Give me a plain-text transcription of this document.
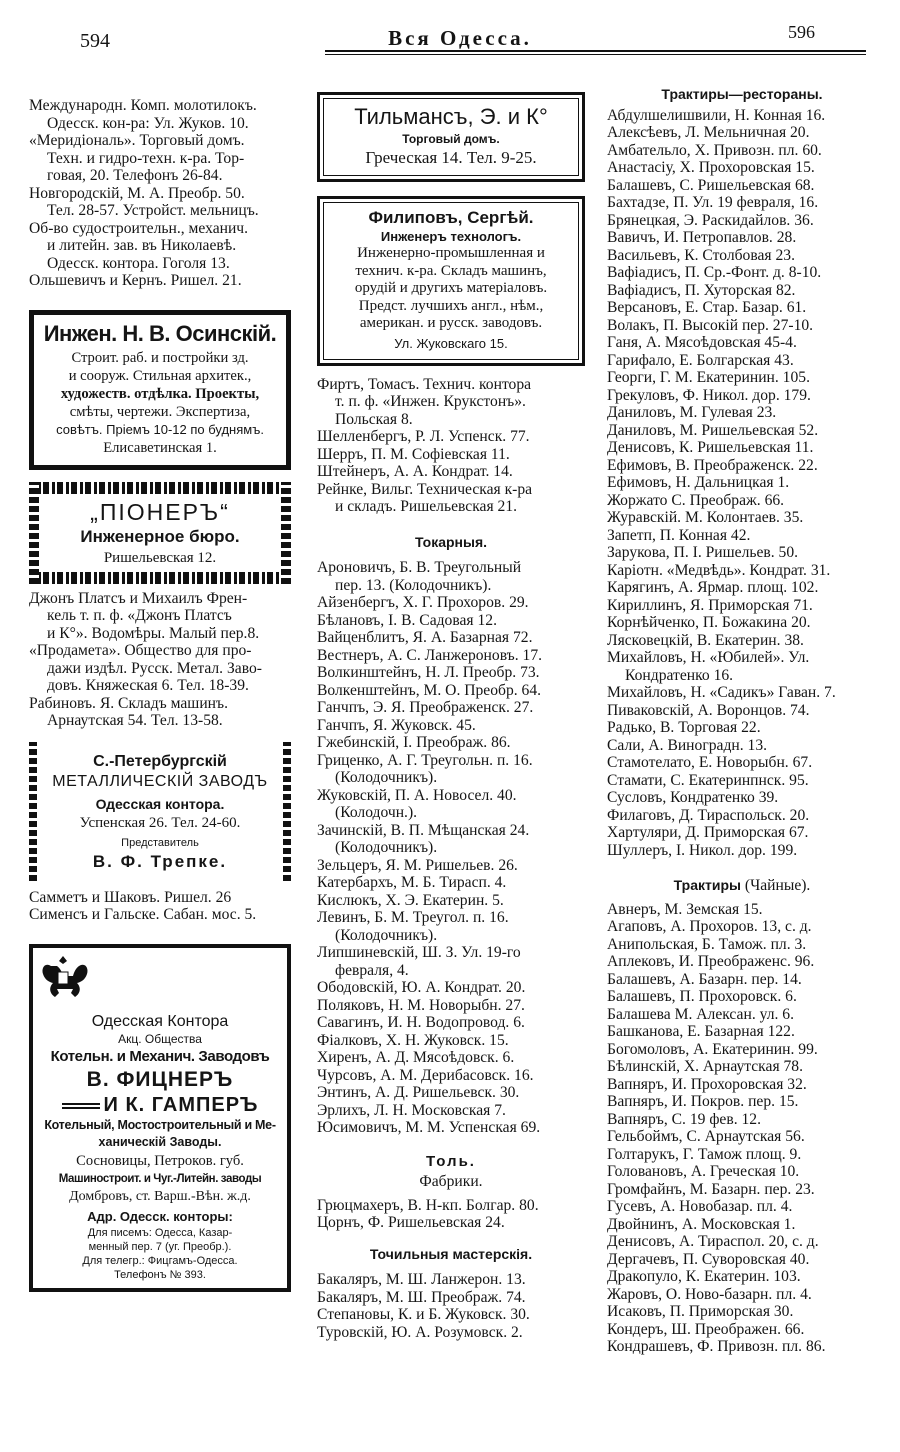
594	Вся Одесса.	596
Международн. Комп. молотилокъ.
Одесск. кон-ра: Ул. Жуков. 10.
«Меридіональ». Торговый домъ.
Техн. и гидро-техн. к-ра. Тор-
говая, 20. Телефонъ 26-84.
Новгородскій, М. А. Преобр. 50.
Тел. 28-57. Устройст. мельницъ.
Об-во судостроительн., механич.
и литейн. зав. въ Николаевѣ.
Одесск. контора. Гоголя 13.
Ольшевичъ и Кернъ. Ришел. 21.
Инжен. Н. В. Осинскій.
Строит. раб. и постройки зд.
и сооруж. Стильная архитек.,
художеств. отдѣлка. Проекты,
смѣты, чертежи. Экспертиза,
совѣтъ. Пріемъ 10-12 по буднямъ.
Елисаветинская 1.
„ПІОНЕРЪ“
Инженерное бюро.
Ришельевская 12.
Джонъ Платсъ и Михаилъ Френ-
кель т. п. ф. «Джонъ Платсъ
и К°». Водомѣры. Малый пер.8.
«Продамета». Общество для про-
дажи издѣл. Русск. Метал. Заво-
довъ. Княжеская 6. Тел. 18-39.
Рабиновъ. Я. Складъ машинъ.
Арнаутская 54. Тел. 13-58.
С.-Петербургскій
МЕТАЛЛИЧЕСКІЙ ЗАВОДЪ
Одесская контора.
Успенская 26. Тел. 24-60.
Представитель
В. Ф. Трепке.
Самметъ и Шаковъ. Ришел. 26
Сименсъ и Гальске. Сабан. мос. 5.
Одесская Контора
Акц. Общества
Котельн. и Механич. Заводовъ
В. ФИЦНЕРЪ
И К. ГАМПЕРЪ
Котельный, Мостостроительный и Ме-
ханическій Заводы.
Сосновицы, Петроков. губ.
Машиностроит. и Чуг.-Литейн. заводы
Домбровъ, ст. Варш.-Вѣн. ж.д.
Адр. Одесск. конторы:
Для писемъ: Одесса, Казар-
менный пер. 7 (уг. Преобр.).
Для телегр.: Фицгамъ-Одесса.
Телефонъ № 393.
Тильмансъ, Э. и К°
Торговый домъ.
Греческая 14. Тел. 9-25.
Филиповъ, Сергѣй.
Инженеръ технологъ.
Инженерно-промышленная и
технич. к-ра. Складъ машинъ,
орудій и другихъ матеріаловъ.
Предст. лучшихъ англ., нѣм.,
американ. и русск. заводовъ.
Ул. Жуковскаго 15.
Фиртъ, Томасъ. Технич. контора
т. п. ф. «Инжен. Крукстонъ».
Польская 8.
Шелленбергъ, Р. Л. Успенск. 77.
Шерръ, П. М. Софіевская 11.
Штейнеръ, А. А. Кондрат. 14.
Рейнке, Вильг. Техническая к-ра
и складъ. Ришельевская 21.
Токарныя.
Ароновичъ, Б. В. Треугольный
пер. 13. (Колодочникъ).
Айзенбергъ, Х. Г. Прохоров. 29.
Бѣлановъ, І. В. Садовая 12.
Вайценблитъ, Я. А. Базарная 72.
Вестнеръ, А. С. Ланжероновъ. 17.
Волкинштейнъ, Н. Л. Преобр. 73.
Волкенштейнъ, М. О. Преобр. 64.
Ганчпъ, Э. Я. Преображенск. 27.
Ганчпъ, Я. Жуковск. 45.
Гжебинскій, І. Преображ. 86.
Гриценко, А. Г. Треугольн. п. 16.
(Колодочникъ).
Жуковскій, П. А. Новосел. 40.
(Колодочн.).
Зачинскій, В. П. Мѣщанская 24.
(Колодочникъ).
Зельцеръ, Я. М. Ришельев. 26.
Катербархъ, М. Б. Тирасп. 4.
Кислюкъ, Х. Э. Екатерин. 5.
Левинъ, Б. М. Треугол. п. 16.
(Колодочникъ).
Липшиневскій, Ш. З. Ул. 19-го
февраля, 4.
Ободовскій, Ю. А. Кондрат. 20.
Поляковъ, Н. М. Новорыбн. 27.
Савагинъ, И. Н. Водопровод. 6.
Фіалковъ, Х. Н. Жуковск. 15.
Хиренъ, А. Д. Мясоѣдовск. 6.
Чурсовъ, А. М. Дерибасовск. 16.
Энтинъ, А. Д. Ришельевск. 30.
Эрлихъ, Л. Н. Московская 7.
Юсимовичъ, М. М. Успенская 69.
Толь.
Фабрики.
Грюцмахеръ, В. Н-кп. Болгар. 80.
Цорнъ, Ф. Ришельевская 24.
Точильныя мастерскія.
Бакаляръ, М. Ш. Ланжерон. 13.
Бакаляръ, М. Ш. Преображ. 74.
Степановы, К. и Б. Жуковск. 30.
Туровскій, Ю. А. Розумовск. 2.
Трактиры—рестораны.
Абдулшелишвили, Н. Конная 16.
Алексѣевъ, Л. Мельничная 20.
Амбательло, Х. Привозн. пл. 60.
Анастасіу, Х. Прохоровская 15.
Балашевъ, С. Ришельевская 68.
Бахтадзе, П. Ул. 19 февраля, 16.
Брянецкая, Э. Раскидайлов. 36.
Вавичъ, И. Петропавлов. 28.
Васильевъ, К. Столбовая 23.
Вафіадисъ, П. Ср.-Фонт. д. 8-10.
Вафіадисъ, П. Хуторская 82.
Версановъ, Е. Стар. Базар. 61.
Волакъ, П. Высокій пер. 27-10.
Ганя, А. Мясоѣдовская 45-4.
Гарифало, Е. Болгарская 43.
Георги, Г. М. Екатеринин. 105.
Грекуловъ, Ф. Никол. дор. 179.
Даниловъ, М. Гулевая 23.
Даниловъ, М. Ришельевская 52.
Денисовъ, К. Ришельевская 11.
Ефимовъ, В. Преображенск. 22.
Ефимовъ, Н. Дальницкая 1.
Жоржато С. Преображ. 66.
Журавскій. М. Колонтаев. 35.
Запетп, П. Конная 42.
Зарукова, П. І. Ришельев. 50.
Каріотн. «Медвѣдь». Кондрат. 31.
Карягинъ, А. Ярмар. площ. 102.
Кириллинъ, Я. Приморская 71.
Корнѣйченко, П. Божакина 20.
Лясковецкій, В. Екатерин. 38.
Михайловъ, Н. «Юбилей». Ул.
Кондратенко 16.
Михайловъ, Н. «Садикъ» Гаван. 7.
Пиваковскій, А. Воронцов. 74.
Радько, В. Торговая 22.
Сали, А. Виноградн. 13.
Стамотелато, Е. Новорыбн. 67.
Стамати, С. Екатеринпнск. 95.
Сусловъ, Кондратенко 39.
Филаговъ, Д. Тираспольск. 20.
Хартуляри, Д. Приморская 67.
Шуллеръ, І. Никол. дор. 199.
Трактиры (Чайные).
Авнеръ, М. Земская 15.
Агаповъ, А. Прохоров. 13, с. д.
Анипольская, Б. Тамож. пл. 3.
Аплековъ, И. Преображенс. 96.
Балашевъ, А. Базарн. пер. 14.
Балашевъ, П. Прохоровск. 6.
Балашева М. Алексан. ул. 6.
Башканова, Е. Базарная 122.
Богомоловъ, А. Екатеринин. 99.
Бѣлинскій, Х. Арнаутская 78.
Вапняръ, И. Прохоровская 32.
Вапняръ, И. Покров. пер. 15.
Вапняръ, С. 19 фев. 12.
Гельбоймъ, С. Арнаутская 56.
Голтарукъ, Г. Тамож площ. 9.
Головановъ, А. Греческая 10.
Громфайнъ, М. Базарн. пер. 23.
Гусевъ, А. Новобазар. пл. 4.
Двойнинъ, А. Московская 1.
Денисовъ, А. Тираспол. 20, с. д.
Дергачевъ, П. Суворовская 40.
Дракопуло, К. Екатерин. 103.
Жаровъ, О. Ново-базарн. пл. 4.
Исаковъ, П. Приморская 30.
Кондеръ, Ш. Преображен. 66.
Кондрашевъ, Ф. Привозн. пл. 86.
